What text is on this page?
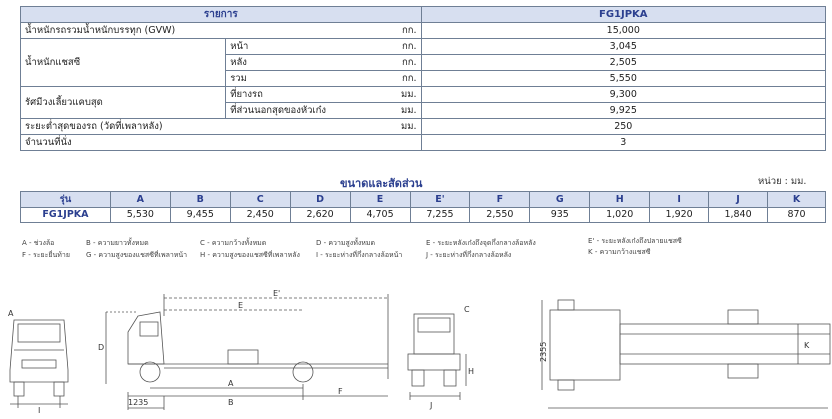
รายการ			FG1JPKA
น้ำหนักรถรวมน้ำหนักบรรทุก (GVW)		กก.	15,000
น้ำหนักแชสซี	หน้า	กก.	3,045
	หลัง	กก.	2,505
	รวม	กก.	5,550
รัศมีวงเลี้ยวแคบสุด	ที่ยางรถ	มม.	9,300
	ที่ส่วนนอกสุดของหัวเก๋ง	มม.	9,925
ระยะต่ำสุดของรถ (วัดที่เพลาหลัง)		มม.	250
จำนวนที่นั่ง			3
ขนาดและสัดส่วน	หน่วย : มม.
รุ่น	A	B	C	D	E	E'	F	G	H	I	J	K
FG1JPKA	5,530	9,455	2,450	2,620	4,705	7,255	2,550	935	1,020	1,920	1,840	870
A - ช่วงล้อ
F - ระยะยื่นท้าย
B - ความยาวทั้งหมด
G - ความสูงของแชสซีที่เพลาหน้า
C - ความกว้างทั้งหมด
H - ความสูงของแชสซีที่เพลาหลัง
D - ความสูงทั้งหมด
I - ระยะห่างที่กึ่งกลางล้อหน้า
E - ระยะหลังเก๋งถึงจุดกึ่งกลางล้อหลัง
J - ระยะห่างที่กึ่งกลางล้อหลัง
E' - ระยะหลังเก๋งถึงปลายแชสซี
K - ความกว้างแชสซี
I
A
E'
E
D
A
F
B
1235	J
H
C
2355	K
